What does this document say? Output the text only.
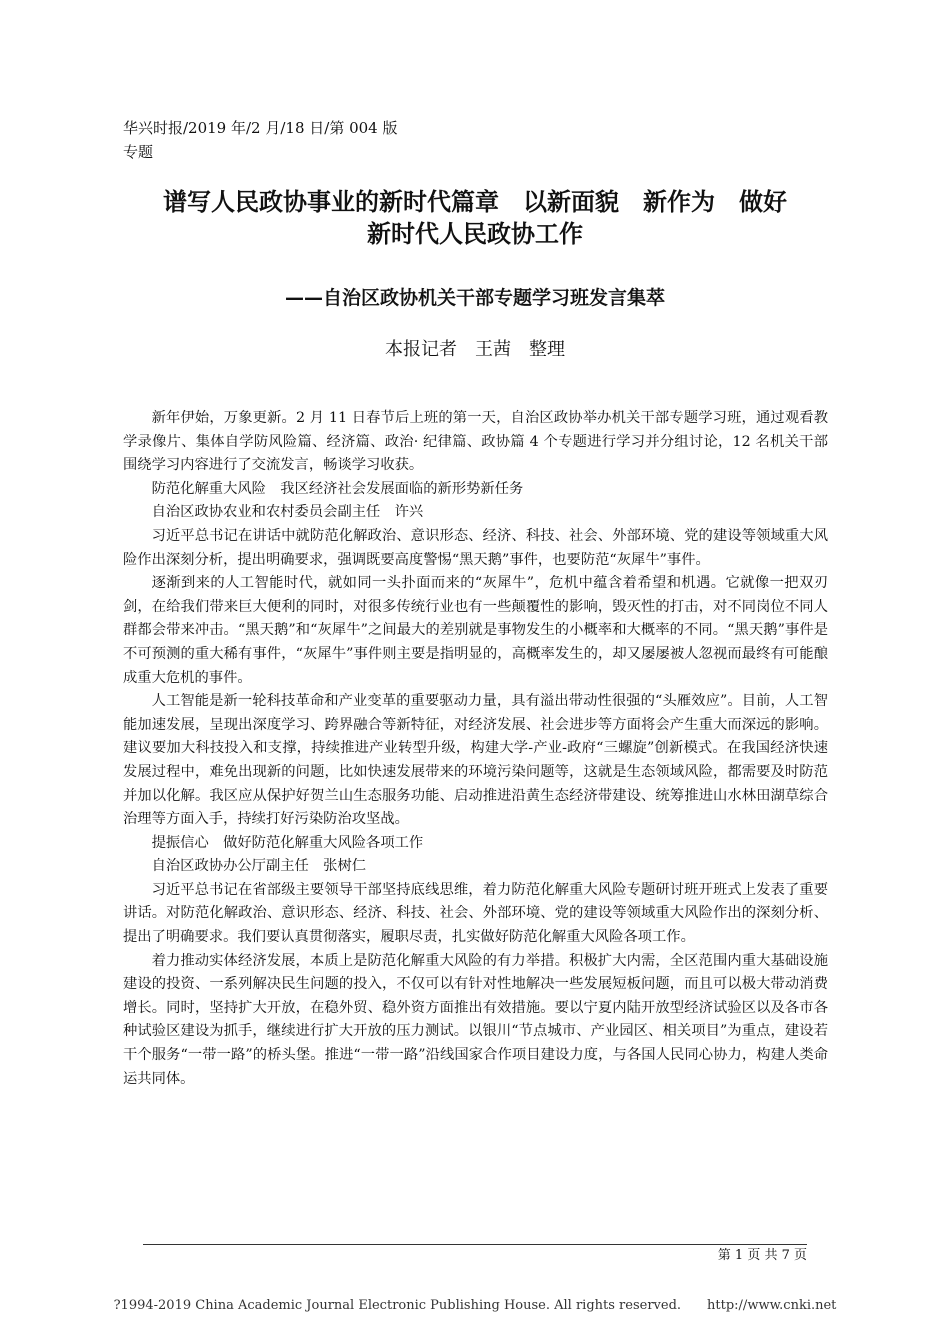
华兴时报/2019 年/2 月/18 日/第 004 版
专题
谱写人民政协事业的新时代篇章　以新面貌　新作为　做好
新时代人民政协工作
——自治区政协机关干部专题学习班发言集萃
本报记者　王茜　整理

新年伊始，万象更新。2 月 11 日春节后上班的第一天，自治区政协举办机关干部专题学习班，通过观看教学录像片、集体自学防风险篇、经济篇、政治· 纪律篇、政协篇 4 个专题进行学习并分组讨论，12 名机关干部围绕学习内容进行了交流发言，畅谈学习收获。

防范化解重大风险　我区经济社会发展面临的新形势新任务

自治区政协农业和农村委员会副主任　许兴

习近平总书记在讲话中就防范化解政治、意识形态、经济、科技、社会、外部环境、党的建设等领域重大风险作出深刻分析，提出明确要求，强调既要高度警惕“黑天鹅”事件，也要防范“灰犀牛”事件。

逐渐到来的人工智能时代，就如同一头扑面而来的“灰犀牛”，危机中蕴含着希望和机遇。它就像一把双刃剑，在给我们带来巨大便利的同时，对很多传统行业也有一些颠覆性的影响，毁灭性的打击，对不同岗位不同人群都会带来冲击。“黑天鹅”和“灰犀牛”之间最大的差别就是事物发生的小概率和大概率的不同。“黑天鹅”事件是不可预测的重大稀有事件，“灰犀牛”事件则主要是指明显的，高概率发生的，却又屡屡被人忽视而最终有可能酿成重大危机的事件。

人工智能是新一轮科技革命和产业变革的重要驱动力量，具有溢出带动性很强的“头雁效应”。目前，人工智能加速发展，呈现出深度学习、跨界融合等新特征，对经济发展、社会进步等方面将会产生重大而深远的影响。建议要加大科技投入和支撑，持续推进产业转型升级，构建大学-产业-政府“三螺旋”创新模式。在我国经济快速发展过程中，难免出现新的问题，比如快速发展带来的环境污染问题等，这就是生态领域风险，都需要及时防范并加以化解。我区应从保护好贺兰山生态服务功能、启动推进沿黄生态经济带建设、统筹推进山水林田湖草综合治理等方面入手，持续打好污染防治攻坚战。

提振信心　做好防范化解重大风险各项工作

自治区政协办公厅副主任　张树仁

习近平总书记在省部级主要领导干部坚持底线思维，着力防范化解重大风险专题研讨班开班式上发表了重要讲话。对防范化解政治、意识形态、经济、科技、社会、外部环境、党的建设等领域重大风险作出的深刻分析、提出了明确要求。我们要认真贯彻落实，履职尽责，扎实做好防范化解重大风险各项工作。

着力推动实体经济发展，本质上是防范化解重大风险的有力举措。积极扩大内需，全区范围内重大基础设施建设的投资、一系列解决民生问题的投入，不仅可以有针对性地解决一些发展短板问题，而且可以极大带动消费增长。同时，坚持扩大开放，在稳外贸、稳外资方面推出有效措施。要以宁夏内陆开放型经济试验区以及各市各种试验区建设为抓手，继续进行扩大开放的压力测试。以银川“节点城市、产业园区、相关项目”为重点，建设若干个服务“一带一路”的桥头堡。推进“一带一路”沿线国家合作项目建设力度，与各国人民同心协力，构建人类命运共同体。

第 1 页 共 7 页
?1994-2019 China Academic Journal Electronic Publishing House. All rights reserved.　　http://www.cnki.net
